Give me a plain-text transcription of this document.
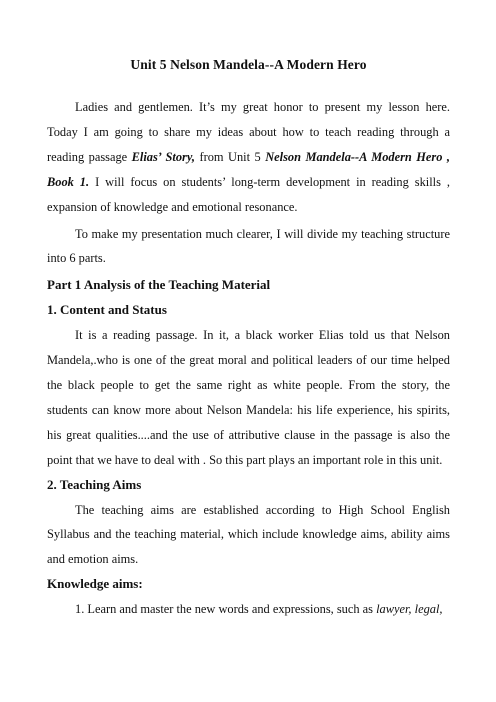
Unit 5 Nelson Mandela--A Modern Hero

Ladies and gentlemen. It’s my great honor to present my lesson here. Today I am going to share my ideas about how to teach reading through a reading passage Elias’ Story, from Unit 5 Nelson Mandela--A Modern Hero , Book 1. I will focus on students’ long-term development in reading skills , expansion of knowledge and emotional resonance.

To make my presentation much clearer, I will divide my teaching structure into 6 parts.

Part 1 Analysis of the Teaching Material
1. Content and Status

It is a reading passage. In it, a black worker Elias told us that Nelson Mandela,.who is one of the great moral and political leaders of our time helped the black people to get the same right as white people. From the story, the students can know more about Nelson Mandela: his life experience, his spirits, his great qualities....and the use of attributive clause in the passage is also the point that we have to deal with . So this part plays an important role in this unit.

2. Teaching Aims

The teaching aims are established according to High School English Syllabus and the teaching material, which include knowledge aims, ability aims and emotion aims.

Knowledge aims:

1. Learn and master the new words and expressions, such as lawyer, legal,
